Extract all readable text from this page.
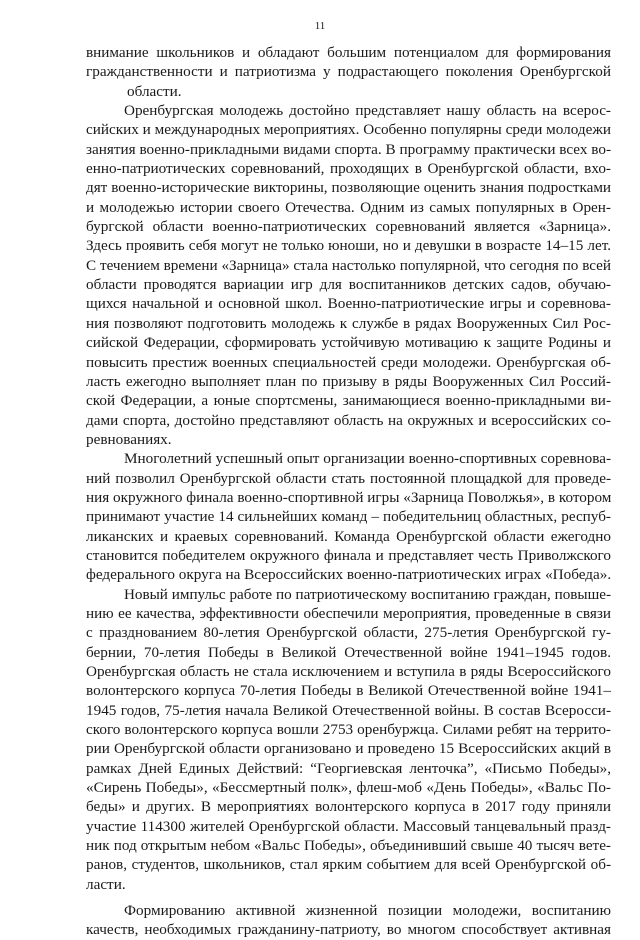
11
внимание школьников и обладают большим потенциалом для формирования
гражданственности и патриотизма у подрастающего поколения Оренбургской
области.
Оренбургская молодежь достойно представляет нашу область на всерос-
сийских и международных мероприятиях. Особенно популярны среди молодежи
занятия военно-прикладными видами спорта. В программу практически всех во-
енно-патриотических соревнований, проходящих в Оренбургской области, вхо-
дят военно-исторические викторины, позволяющие оценить знания подростками
и молодежью истории своего Отечества. Одним из самых популярных в Орен-
бургской области военно-патриотических соревнований является «Зарница».
Здесь проявить себя могут не только юноши, но и девушки в возрасте 14–15 лет.
С течением времени «Зарница» стала настолько популярной, что сегодня по всей
области проводятся вариации игр для воспитанников детских садов, обучаю-
щихся начальной и основной школ. Военно-патриотические игры и соревнова-
ния позволяют подготовить молодежь к службе в рядах Вооруженных Сил Рос-
сийской Федерации, сформировать устойчивую мотивацию к защите Родины и
повысить престиж военных специальностей среди молодежи. Оренбургская об-
ласть ежегодно выполняет план по призыву в ряды Вооруженных Сил Россий-
ской Федерации, а юные спортсмены, занимающиеся военно-прикладными ви-
дами спорта, достойно представляют область на окружных и всероссийских со-
ревнованиях.
Многолетний успешный опыт организации военно-спортивных соревнова-
ний позволил Оренбургской области стать постоянной площадкой для проведе-
ния окружного финала военно-спортивной игры «Зарница Поволжья», в котором
принимают участие 14 сильнейших команд – победительниц областных, респуб-
ликанских и краевых соревнований. Команда Оренбургской области ежегодно
становится победителем окружного финала и представляет честь Приволжского
федерального округа на Всероссийских военно-патриотических играх «Победа».
Новый импульс работе по патриотическому воспитанию граждан, повыше-
нию ее качества, эффективности обеспечили мероприятия, проведенные в связи
с празднованием 80-летия Оренбургской области, 275-летия Оренбургской гу-
бернии, 70-летия Победы в Великой Отечественной войне 1941–1945 годов.
Оренбургская область не стала исключением и вступила в ряды Всероссийского
волонтерского корпуса 70-летия Победы в Великой Отечественной войне 1941–
1945 годов, 75-летия начала Великой Отечественной войны. В состав Всеросси-
ского волонтерского корпуса вошли 2753 оренбуржца. Силами ребят на террито-
рии Оренбургской области организовано и проведено 15 Всероссийских акций в
рамках Дней Единых Действий: “Георгиевская ленточка”, «Письмо Победы»,
«Сирень Победы», «Бессмертный полк», флеш-моб «День Победы», «Вальс По-
беды» и других. В мероприятиях волонтерского корпуса в 2017 году приняли
участие 114300 жителей Оренбургской области. Массовый танцевальный празд-
ник под открытым небом «Вальс Победы», объединивший свыше 40 тысяч вете-
ранов, студентов, школьников, стал ярким событием для всей Оренбургской об-
ласти.
Формированию активной жизненной позиции молодежи, воспитанию
качеств, необходимых гражданину-патриоту, во многом способствует активная
